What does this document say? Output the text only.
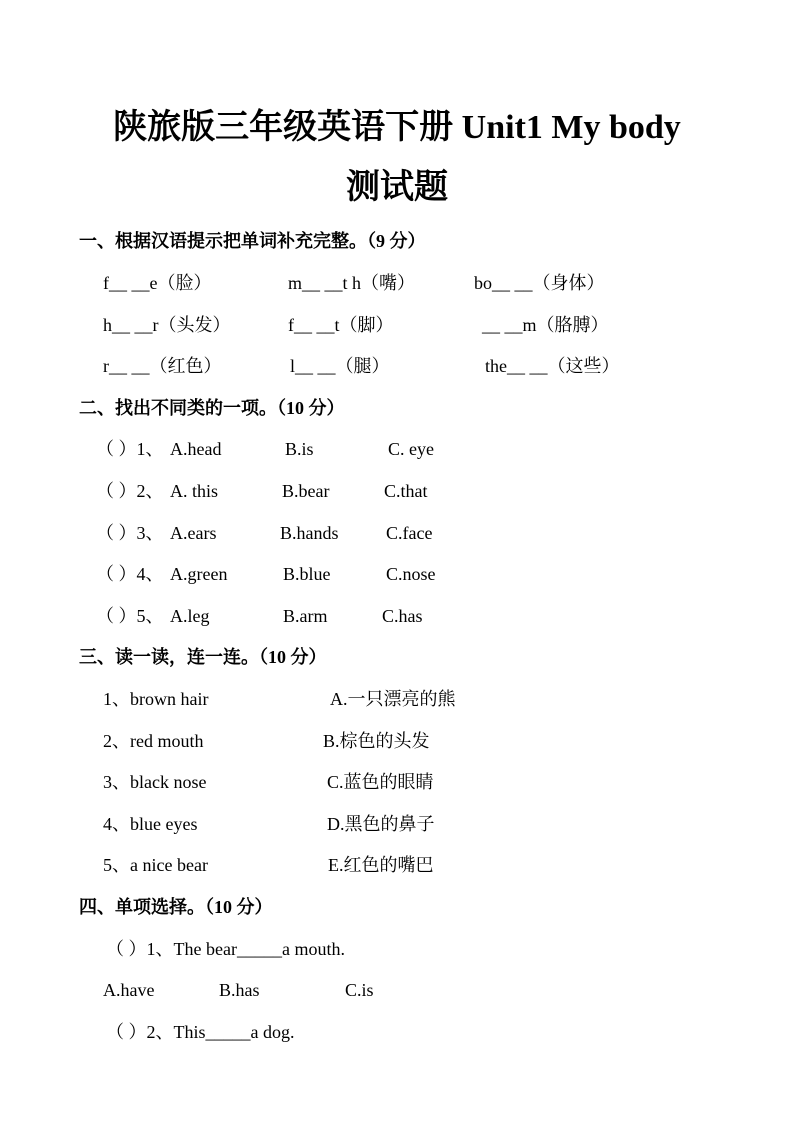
陕旅版三年级英语下册 Unit1 My body
测试题
一、根据汉语提示把单词补充完整。（9 分）
f__ __e（脸）	m__ __t h（嘴）	bo__ __（身体）
h__ __r（头发）	f__ __t（脚）	__ __m（胳膊）
r__ __（红色）	l__ __（腿）	the__ __（这些）
二、找出不同类的一项。（10 分）
（ ）1、 A.head	B.is	C. eye
（ ）2、 A. this	B.bear	C.that
（ ）3、 A.ears	B.hands	C.face
（ ）4、 A.green	B.blue	C.nose
（ ）5、 A.leg	B.arm	C.has
三、读一读，连一连。（10 分）
1、brown hair	A.一只漂亮的熊
2、red mouth	B.棕色的头发
3、black nose	C.蓝色的眼睛
4、blue eyes	D.黑色的鼻子
5、a nice bear	E.红色的嘴巴
四、单项选择。（10 分）
（ ）1、The bear_____a mouth.
A.have	B.has	C.is
（ ）2、This_____a dog.
